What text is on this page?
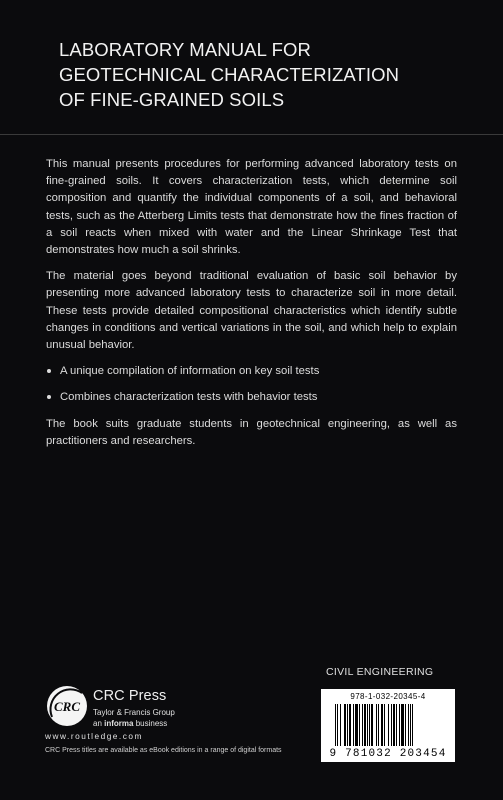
LABORATORY MANUAL FOR
GEOTECHNICAL CHARACTERIZATION
OF FINE-GRAINED SOILS

This manual presents procedures for performing advanced laboratory tests on fine-grained soils. It covers characterization tests, which determine soil composition and quantify the individual components of a soil, and behavioral tests, such as the Atterberg Limits tests that demonstrate how the fines fraction of a soil reacts when mixed with water and the Linear Shrinkage Test that demonstrates how much a soil shrinks.

The material goes beyond traditional evaluation of basic soil behavior by presenting more advanced laboratory tests to characterize soil in more detail. These tests provide detailed compositional characteristics which identify subtle changes in conditions and vertical variations in the soil, and which help to explain unusual behavior.

A unique compilation of information on key soil tests
Combines characterization tests with behavior tests

The book suits graduate students in geotechnical engineering, as well as practitioners and researchers.

CIVIL ENGINEERING
CRC
CRC Press
Taylor & Francis Group
an informa business
www.routledge.com
CRC Press titles are available as eBook editions in a range of digital formats
978-1-032-20345-4
9 781032 203454
